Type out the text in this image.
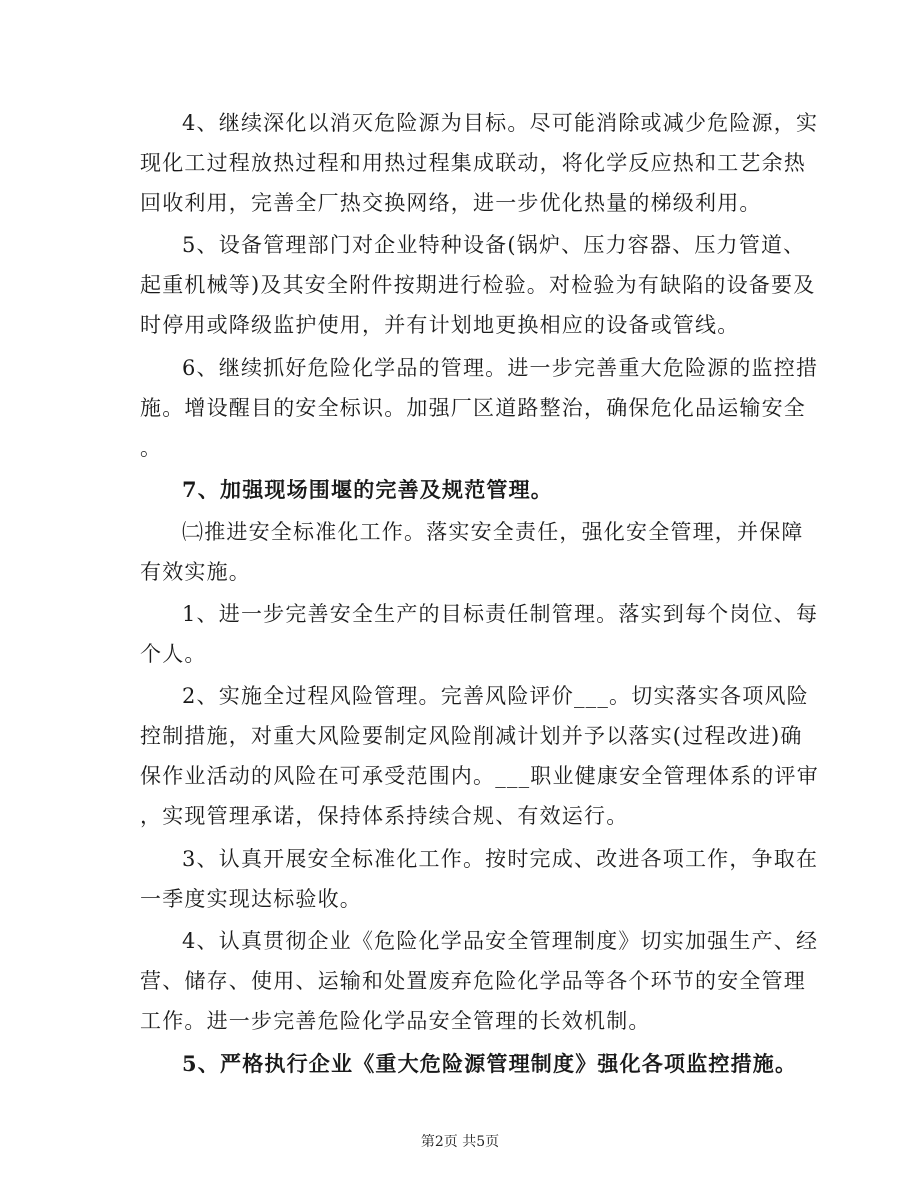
4、继续深化以消灭危险源为目标。尽可能消除或减少危险源，实
现化工过程放热过程和用热过程集成联动，将化学反应热和工艺余热
回收利用，完善全厂热交换网络，进一步优化热量的梯级利用。
5、设备管理部门对企业特种设备(锅炉、压力容器、压力管道、
起重机械等)及其安全附件按期进行检验。对检验为有缺陷的设备要及
时停用或降级监护使用，并有计划地更换相应的设备或管线。
6、继续抓好危险化学品的管理。进一步完善重大危险源的监控措
施。增设醒目的安全标识。加强厂区道路整治，确保危化品运输安全
。
7、加强现场围堰的完善及规范管理。
㈡推进安全标准化工作。落实安全责任，强化安全管理，并保障
有效实施。
1、进一步完善安全生产的目标责任制管理。落实到每个岗位、每
个人。
2、实施全过程风险管理。完善风险评价___。切实落实各项风险
控制措施，对重大风险要制定风险削减计划并予以落实(过程改进)确
保作业活动的风险在可承受范围内。___职业健康安全管理体系的评审
，实现管理承诺，保持体系持续合规、有效运行。
3、认真开展安全标准化工作。按时完成、改进各项工作，争取在
一季度实现达标验收。
4、认真贯彻企业《危险化学品安全管理制度》切实加强生产、经
营、储存、使用、运输和处置废弃危险化学品等各个环节的安全管理
工作。进一步完善危险化学品安全管理的长效机制。
5、严格执行企业《重大危险源管理制度》强化各项监控措施。
第2页 共5页
